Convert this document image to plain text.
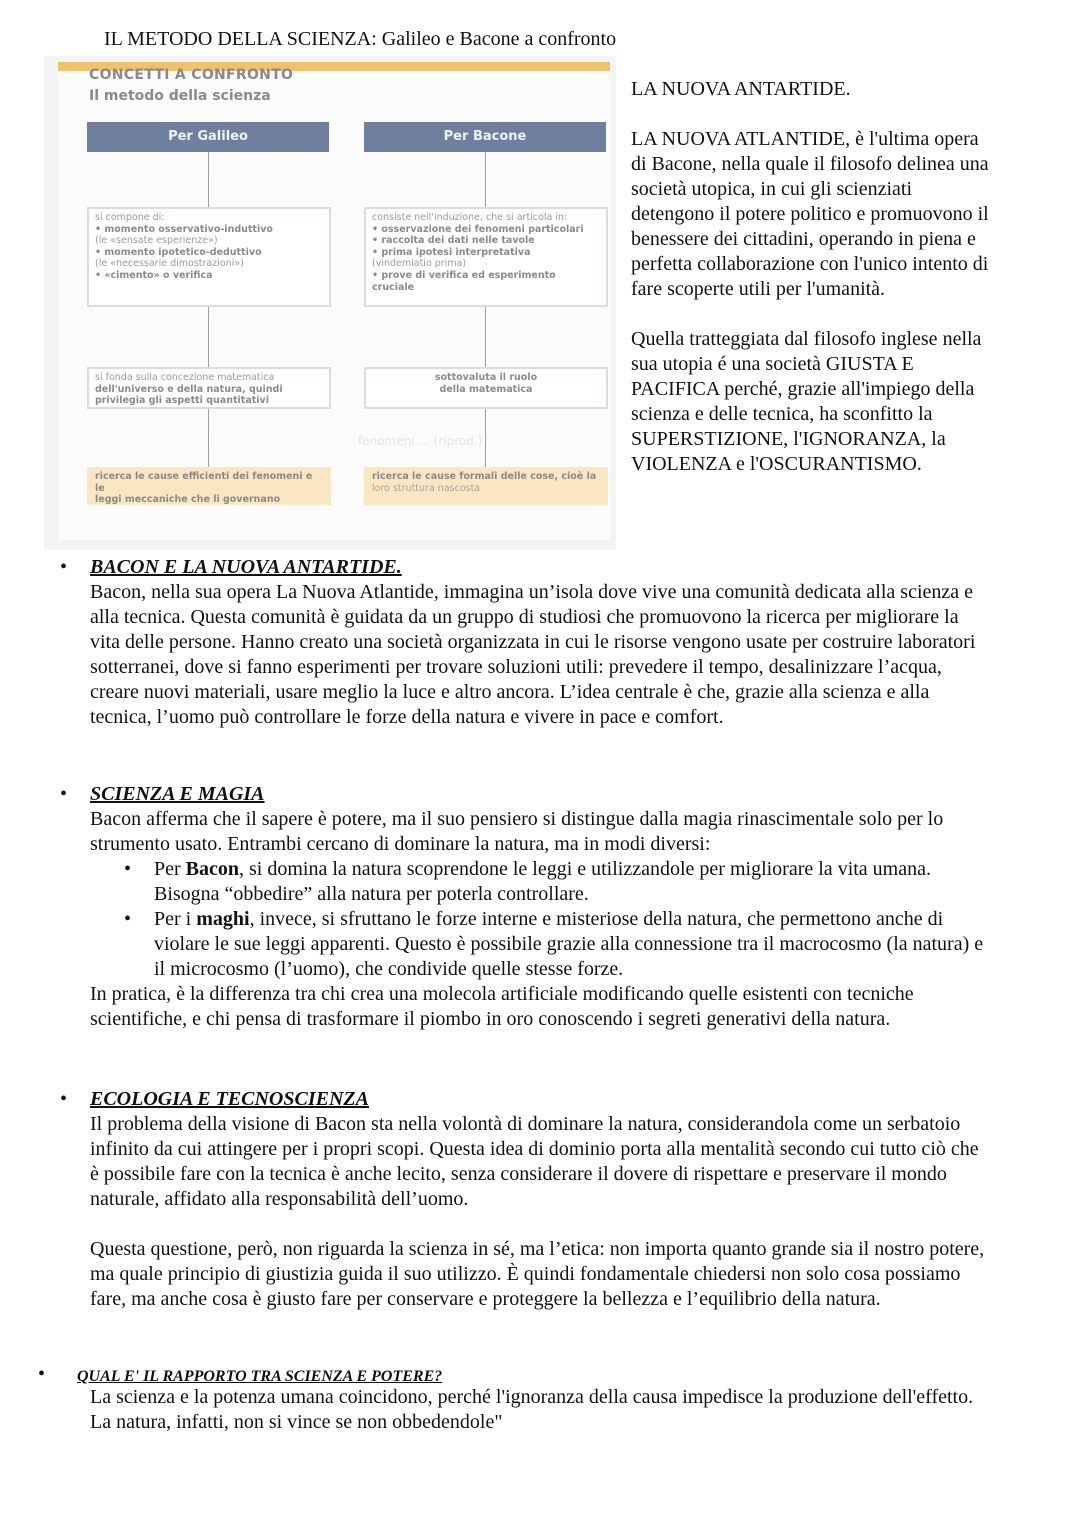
IL METODO DELLA SCIENZA: Galileo e Bacone a confronto
CONCETTI A CONFRONTO
Il metodo della scienza
Per Galileo	Per Bacone
si compone di:
• momento osservativo-induttivo
(le «sensate esperienze»)
• momento ipotetico-deduttivo
(le «necessarie dimostrazioni»)
• «cimento» o verifica
consiste nell'induzione, che si articola in:
• osservazione dei fenomeni particolari
• raccolta dei dati nelle tavole
• prima ipotesi interpretativa
(vindemiatio prima)
• prove di verifica ed esperimento cruciale
si fonda sulla concezione matematica
dell'universo e della natura, quindi
privilegia gli aspetti quantitativi
sottovaluta il ruolo
della matematica
fenomeni ... (riprod.)
ricerca le cause efficienti dei fenomeni e le
leggi meccaniche che li governano
ricerca le cause formali delle cose, cioè la
loro struttura nascosta

LA NUOVA ANTARTIDE.

LA NUOVA ATLANTIDE, è l'ultima opera di Bacone, nella quale il filosofo delinea una società utopica, in cui gli scienziati detengono il potere politico e promuovono il benessere dei cittadini, operando in piena e perfetta collaborazione con l'unico intento di fare scoperte utili per l'umanità.

Quella tratteggiata dal filosofo inglese nella sua utopia é una società GIUSTA E PACIFICA perché, grazie all'impiego della scienza e delle tecnica, ha sconfitto la SUPERSTIZIONE, l'IGNORANZA, la VIOLENZA e l'OSCURANTISMO.

• BACON E LA NUOVA ANTARTIDE.
Bacon, nella sua opera La Nuova Atlantide, immagina un’isola dove vive una comunità dedicata alla scienza e alla tecnica. Questa comunità è guidata da un gruppo di studiosi che promuovono la ricerca per migliorare la vita delle persone. Hanno creato una società organizzata in cui le risorse vengono usate per costruire laboratori sotterranei, dove si fanno esperimenti per trovare soluzioni utili: prevedere il tempo, desalinizzare l’acqua, creare nuovi materiali, usare meglio la luce e altro ancora. L’idea centrale è che, grazie alla scienza e alla tecnica, l’uomo può controllare le forze della natura e vivere in pace e comfort.
• SCIENZA E MAGIA

Bacon afferma che il sapere è potere, ma il suo pensiero si distingue dalla magia rinascimentale solo per lo strumento usato. Entrambi cercano di dominare la natura, ma in modi diversi:

• Per Bacon, si domina la natura scoprendone le leggi e utilizzandole per migliorare la vita umana. Bisogna “obbedire” alla natura per poterla controllare.
• Per i maghi, invece, si sfruttano le forze interne e misteriose della natura, che permettono anche di violare le sue leggi apparenti. Questo è possibile grazie alla connessione tra il macrocosmo (la natura) e il microcosmo (l’uomo), che condivide quelle stesse forze.

In pratica, è la differenza tra chi crea una molecola artificiale modificando quelle esistenti con tecniche scientifiche, e chi pensa di trasformare il piombo in oro conoscendo i segreti generativi della natura.

• ECOLOGIA E TECNOSCIENZA

Il problema della visione di Bacon sta nella volontà di dominare la natura, considerandola come un serbatoio infinito da cui attingere per i propri scopi. Questa idea di dominio porta alla mentalità secondo cui tutto ciò che è possibile fare con la tecnica è anche lecito, senza considerare il dovere di rispettare e preservare il mondo naturale, affidato alla responsabilità dell’uomo.

Questa questione, però, non riguarda la scienza in sé, ma l’etica: non importa quanto grande sia il nostro potere, ma quale principio di giustizia guida il suo utilizzo. È quindi fondamentale chiedersi non solo cosa possiamo fare, ma anche cosa è giusto fare per conservare e proteggere la bellezza e l’equilibrio della natura.

• QUAL E' IL RAPPORTO TRA SCIENZA E POTERE?
La scienza e la potenza umana coincidono, perché l'ignoranza della causa impedisce la produzione dell'effetto. La natura, infatti, non si vince se non obbedendole"
